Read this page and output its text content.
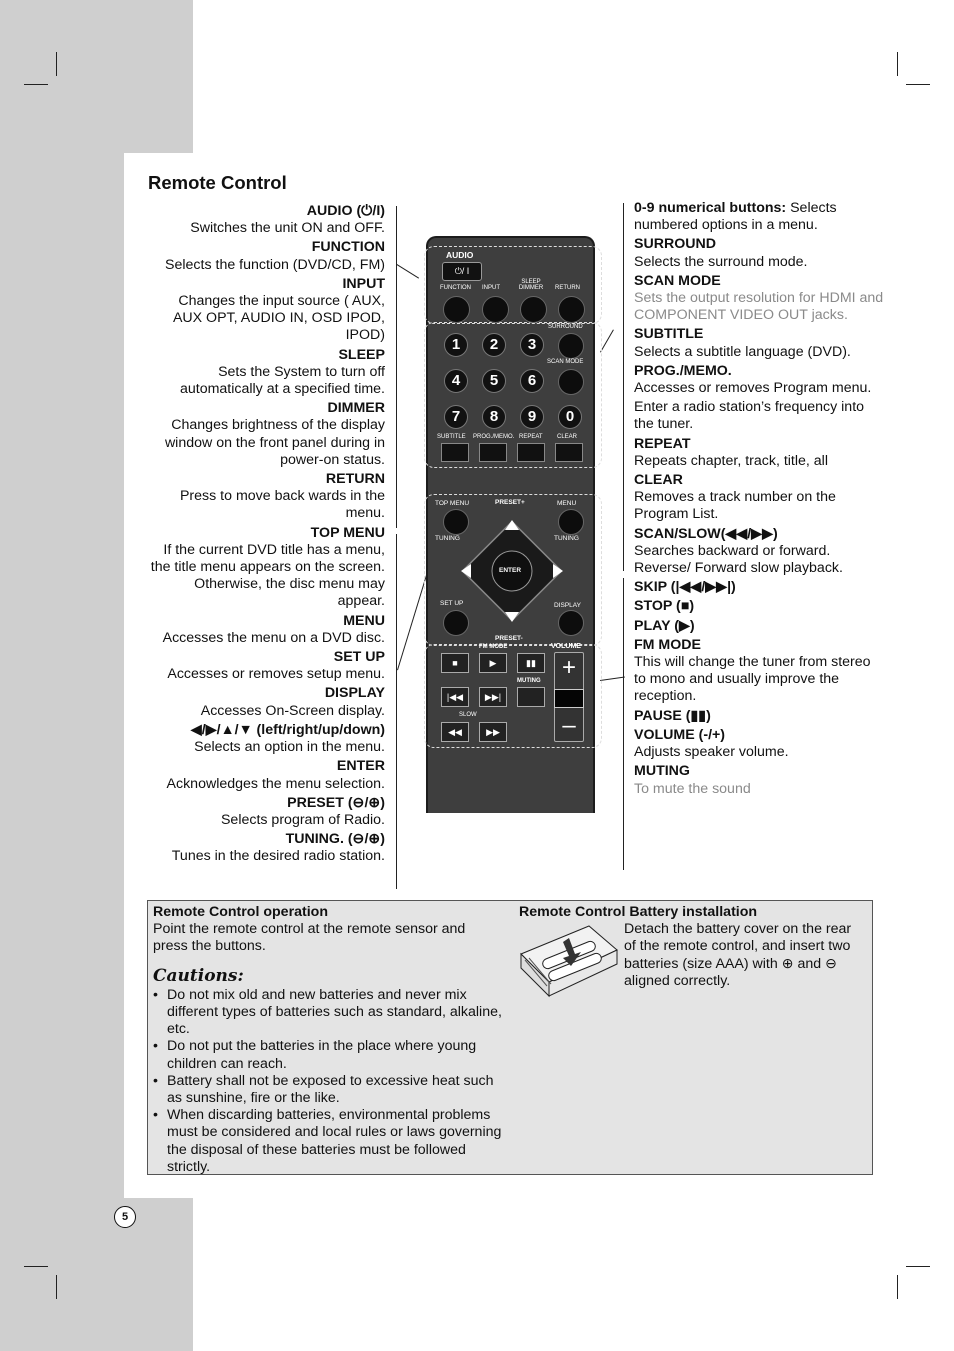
Remote Control
AUDIO (⏻/I)
Switches the unit ON and OFF.
FUNCTION
Selects the function (DVD/CD, FM)
INPUT
Changes the input source ( AUX, AUX OPT, AUDIO IN, OSD IPOD, IPOD)
SLEEP
Sets the System to turn off automatically at a specified time.
DIMMER
Changes brightness of the display window on the front panel during in power-on status.
RETURN
Press to move back wards in the menu.
TOP MENU
If the current DVD title has a menu, the title menu appears on the screen. Otherwise, the disc menu may appear.
MENU
Accesses the menu on a DVD disc.
SET UP
Accesses or removes setup menu.
DISPLAY
Accesses On-Screen display.
◀/▶/▲/▼ (left/right/up/down)
Selects an option in the menu.
ENTER
Acknowledges the menu selection.
PRESET (⊖/⊕)
Selects program of Radio.
TUNING. (⊖/⊕)
Tunes in the desired radio station.
0-9 numerical buttons: Selects numbered options in a menu.
SURROUND
Selects the surround mode.
SCAN MODE
Sets the output resolution for HDMI and COMPONENT VIDEO OUT jacks.
SUBTITLE
Selects a subtitle language (DVD).
PROG./MEMO.
Accesses or removes Program menu.
Enter a radio station’s frequency into the tuner.
REPEAT
Repeats chapter, track, title, all
CLEAR
Removes a track number on the Program List.
SCAN/SLOW(◀◀/▶▶)
Searches backward or forward. Reverse/ Forward slow playback.
SKIP (|◀◀/▶▶|)
STOP (■)
PLAY (▶)
FM MODE
This will change the tuner from stereo to mono and usually improve the reception.
PAUSE (▮▮)
VOLUME (-/+)
Adjusts speaker volume.
MUTING
To mute the sound
AUDIO
⏻/ I
FUNCTION INPUT
SLEEP DIMMER	RETURN
SURROUND
SCAN MODE
1	2	3
4	5	6
7	8	9	0
SUBTITLE PROG./MEMO. REPEAT CLEAR
TOP MENU	PRESET+	MENU
TUNING	TUNING
ENTER
SET UP	DISPLAY
PRESET-
FM MODE	VOLUME
■	▶	▮▮
MUTING
|◀◀	▶▶|
SLOW
◀◀	▶▶
+
–
Remote Control operation
Point the remote control at the remote sensor and press the buttons.
Cautions:
• Do not mix old and new batteries and never mix different types of batteries such as standard, alkaline, etc.
• Do not put the batteries in the place where young children can reach.
• Battery shall not be exposed to excessive heat such as sunshine, fire or the like.
• When discarding batteries, environmental problems must be considered and local rules or laws governing the disposal of these batteries must be followed strictly.
Remote Control Battery installation
Detach the battery cover on the rear of the remote control, and insert two batteries (size AAA) with ⊕ and ⊖ aligned correctly.
5
